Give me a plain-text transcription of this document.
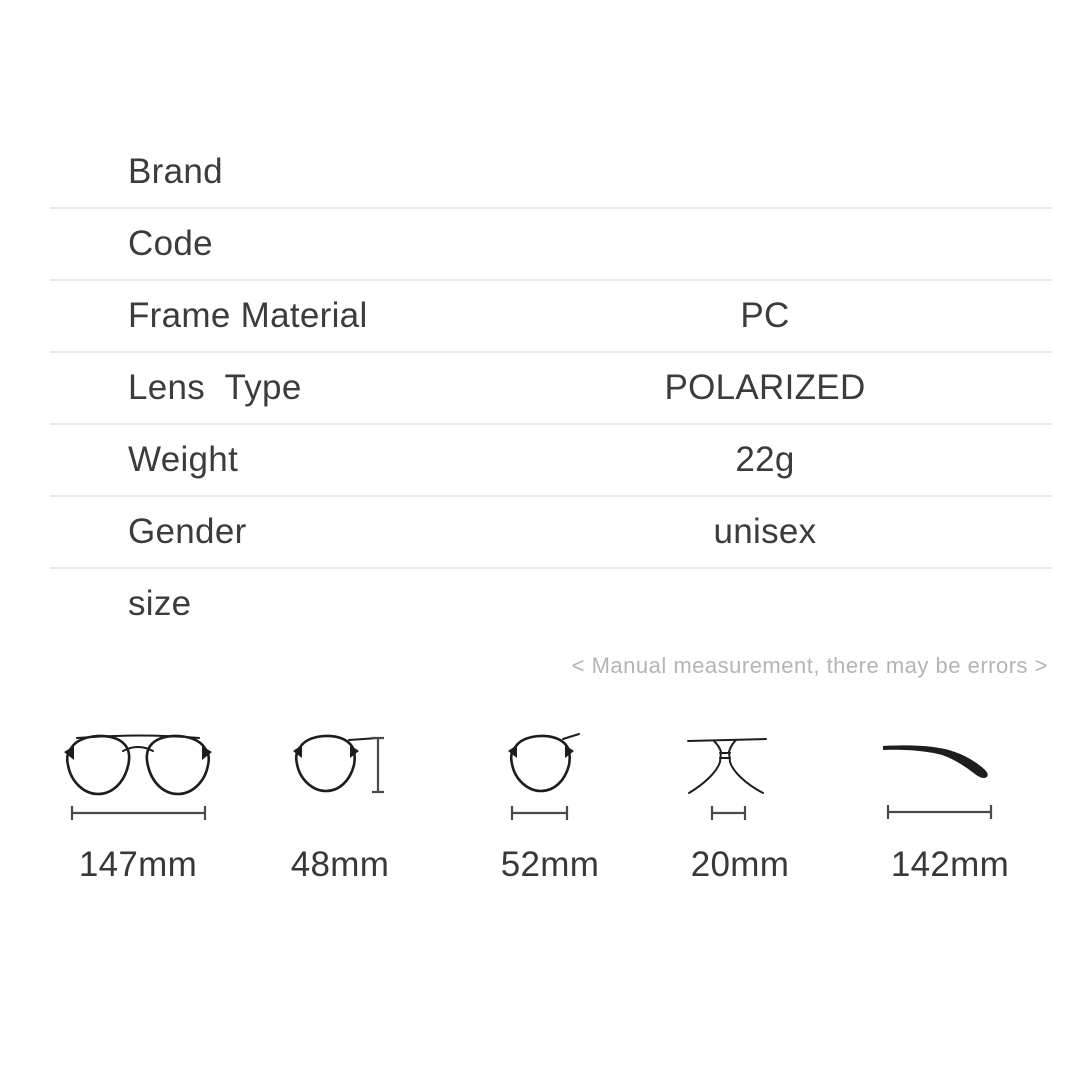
Brand
Code
Frame Material	PC
Lens  Type	POLARIZED
Weight	22g
Gender	unisex
size
< Manual measurement, there may be errors >
147mm	48mm	52mm	20mm	142mm
